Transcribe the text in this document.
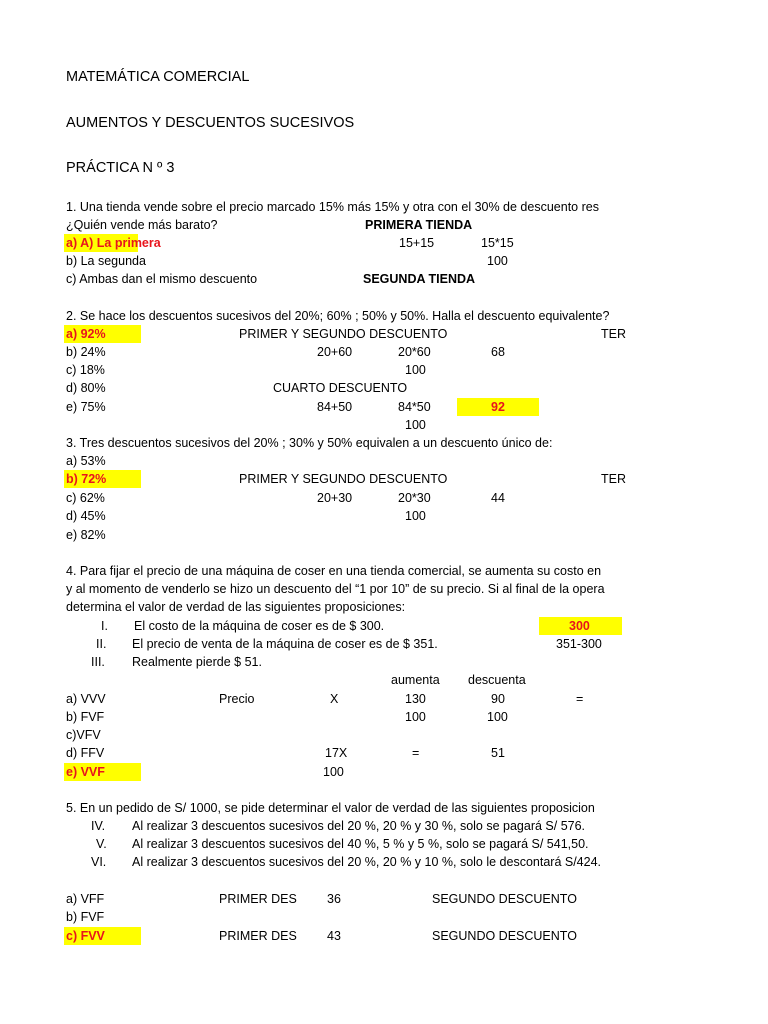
MATEMÁTICA COMERCIAL
AUMENTOS Y DESCUENTOS SUCESIVOS
PRÁCTICA N º 3
1. Una tienda vende sobre el precio marcado 15% más 15% y otra con el 30% de descuento res
¿Quién vende más barato?	PRIMERA TIENDA
a) A) La primera	15+15	15*15
b) La segunda	100
c) Ambas dan el mismo descuento	SEGUNDA TIENDA
2. Se hace los descuentos sucesivos del 20%; 60% ; 50% y 50%. Halla el descuento equivalente?
a) 92%	PRIMER Y SEGUNDO DESCUENTO	TER
b) 24%	20+60	20*60	68
c) 18%	100
d) 80%	CUARTO DESCUENTO
e) 75%	84+50	84*50	92
100
3. Tres descuentos sucesivos del 20% ; 30% y 50% equivalen a un descuento único de:
a) 53%
b) 72%	PRIMER Y SEGUNDO DESCUENTO	TER
c) 62%	20+30	20*30	44
d) 45%	100
e) 82%
4. Para fijar el precio de una máquina de coser en una tienda comercial, se aumenta su costo en
y al momento de venderlo se hizo un descuento del “1 por 10” de su precio. Si al final de la opera
determina el valor de verdad de las siguientes proposiciones:
I. El costo de la máquina de coser es de $ 300.	300
II. El precio de venta de la máquina de coser es de $ 351.	351-300
III. Realmente pierde $ 51.
aumenta descuenta
a) VVV	Precio	X	130	90	=
b) FVF	100	100
c)VFV
d) FFV	17X	=	51
e) VVF	100
5. En un pedido de S/ 1000, se pide determinar el valor de verdad de las siguientes proposicion
IV. Al realizar 3 descuentos sucesivos del 20 %, 20 % y 30 %, solo se pagará S/ 576.
V. Al realizar 3 descuentos sucesivos del 40 %, 5 % y 5 %, solo se pagará S/ 541,50.
VI. Al realizar 3 descuentos sucesivos del 20 %, 20 % y 10 %, solo le descontará S/424.
a) VFF	PRIMER DES 36	SEGUNDO DESCUENTO
b) FVF
c) FVV	PRIMER DES 43	SEGUNDO DESCUENTO
